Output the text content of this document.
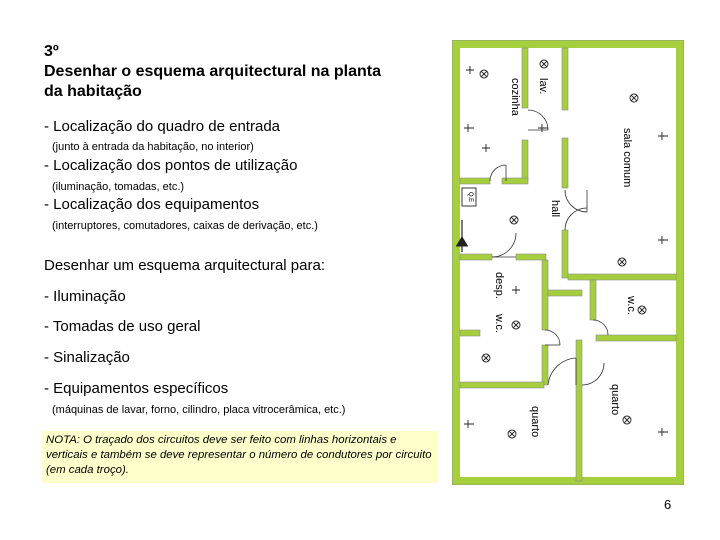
3º
Desenhar o esquema arquitectural na planta
da habitação
- Localização do quadro de entrada
(junto à entrada da habitação, no interior)
- Localização dos pontos de utilização
(iluminação, tomadas, etc.)
- Localização dos equipamentos
(interruptores, comutadores, caixas de derivação, etc.)
Desenhar um esquema arquitectural para:
- Iluminação
- Tomadas de uso geral
- Sinalização
- Equipamentos específicos
(máquinas de lavar, forno, cilindro, placa vitrocerâmica, etc.)
NOTA: O traçado dos circuitos deve ser feito com linhas horizontais e verticais e também se deve representar o número de condutores por circuito (em cada troço).
6
Q.E
cozinha lav.
sala comum
hall
desp.
w.c.
w.c.
quarto
quarto
